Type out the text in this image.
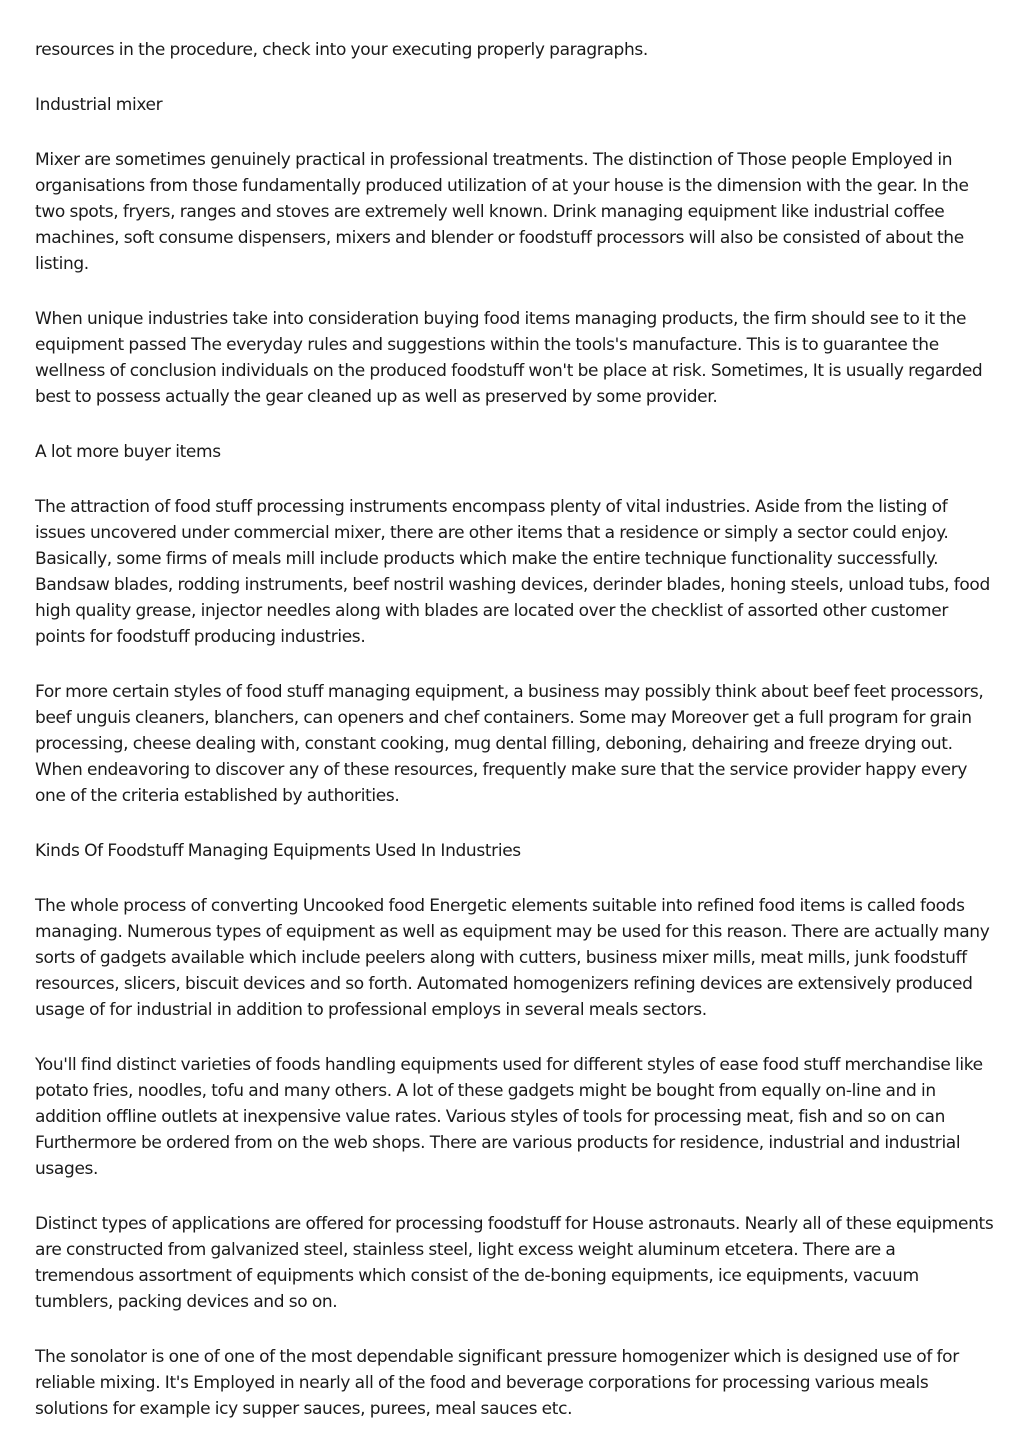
resources in the procedure, check into your executing properly paragraphs.

Industrial mixer

Mixer are sometimes genuinely practical in professional treatments. The distinction of Those people Employed in organisations from those fundamentally produced utilization of at your house is the dimension with the gear. In the two spots, fryers, ranges and stoves are extremely well known. Drink managing equipment like industrial coffee machines, soft consume dispensers, mixers and blender or foodstuff processors will also be consisted of about the listing.

When unique industries take into consideration buying food items managing products, the firm should see to it the equipment passed The everyday rules and suggestions within the tools's manufacture. This is to guarantee the wellness of conclusion individuals on the produced foodstuff won't be place at risk. Sometimes, It is usually regarded best to possess actually the gear cleaned up as well as preserved by some provider.

A lot more buyer items

The attraction of food stuff processing instruments encompass plenty of vital industries. Aside from the listing of issues uncovered under commercial mixer, there are other items that a residence or simply a sector could enjoy. Basically, some firms of meals mill include products which make the entire technique functionality successfully. Bandsaw blades, rodding instruments, beef nostril washing devices, derinder blades, honing steels, unload tubs, food high quality grease, injector needles along with blades are located over the checklist of assorted other customer points for foodstuff producing industries.

For more certain styles of food stuff managing equipment, a business may possibly think about beef feet processors, beef unguis cleaners, blanchers, can openers and chef containers. Some may Moreover get a full program for grain processing, cheese dealing with, constant cooking, mug dental filling, deboning, dehairing and freeze drying out. When endeavoring to discover any of these resources, frequently make sure that the service provider happy every one of the criteria established by authorities.

Kinds Of Foodstuff Managing Equipments Used In Industries

The whole process of converting Uncooked food Energetic elements suitable into refined food items is called foods managing. Numerous types of equipment as well as equipment may be used for this reason. There are actually many sorts of gadgets available which include peelers along with cutters, business mixer mills, meat mills, junk foodstuff resources, slicers, biscuit devices and so forth. Automated homogenizers refining devices are extensively produced usage of for industrial in addition to professional employs in several meals sectors.

You'll find distinct varieties of foods handling equipments used for different styles of ease food stuff merchandise like potato fries, noodles, tofu and many others. A lot of these gadgets might be bought from equally on-line and in addition offline outlets at inexpensive value rates. Various styles of tools for processing meat, fish and so on can Furthermore be ordered from on the web shops. There are various products for residence, industrial and industrial usages.

Distinct types of applications are offered for processing foodstuff for House astronauts. Nearly all of these equipments are constructed from galvanized steel, stainless steel, light excess weight aluminum etcetera. There are a tremendous assortment of equipments which consist of the de-boning equipments, ice equipments, vacuum tumblers, packing devices and so on.

The sonolator is one of one of the most dependable significant pressure homogenizer which is designed use of for reliable mixing. It's Employed in nearly all of the food and beverage corporations for processing various meals solutions for example icy supper sauces, purees, meal sauces etc.
